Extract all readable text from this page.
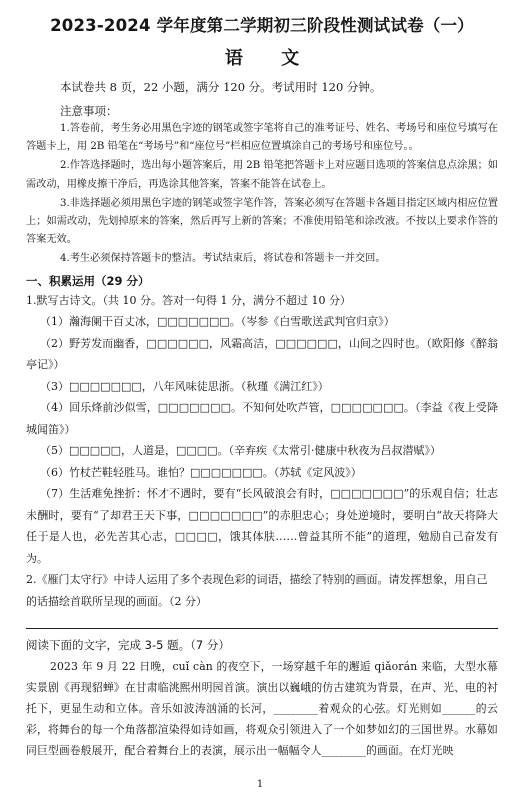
2023-2024 学年度第二学期初三阶段性测试试卷（一）
语 文
本试卷共 8 页，22 小题，满分 120 分。考试用时 120 分钟。
注意事项：

1.答卷前，考生务必用黑色字迹的钢笔或签字笔将自己的准考证号、姓名、考场号和座位号填写在答题卡上，用 2B 铅笔在“考场号”和“座位号”栏相应位置填涂自己的考场号和座位号。。

2.作答选择题时，选出每小题答案后，用 2B 铅笔把答题卡上对应题目选项的答案信息点涂黑；如需改动，用橡皮擦干净后，再选涂其他答案，答案不能答在试卷上。

3.非选择题必须用黑色字迹的钢笔或签字笔作答，答案必须写在答题卡各题目指定区域内相应位置上；如需改动，先划掉原来的答案，然后再写上新的答案；不准使用铅笔和涂改液。不按以上要求作答的答案无效。

4.考生必须保持答题卡的整洁。考试结束后，将试卷和答题卡一并交回。

一、积累运用（29 分）

1.默写古诗文。（共 10 分。答对一句得 1 分，满分不超过 10 分）

（1）瀚海阑干百丈冰，□□□□□□□。（岑参《白雪歌送武判官归京》）

（2）野芳发而幽香，□□□□□□，风霜高洁，□□□□□□，山间之四时也。（欧阳修《醉翁亭记》）

（3）□□□□□□□，八年风味徒思浙。（秋瑾《满江红》）

（4）回乐烽前沙似雪，□□□□□□□。不知何处吹芦管，□□□□□□□。（李益《夜上受降城闻笛》）

（5）□□□□□，人道是，□□□□。（辛弃疾《太常引·健康中秋夜为吕叔潜赋》）

（6）竹杖芒鞋轻胜马。谁怕？□□□□□□□。（苏轼《定风波》）

（7）生活难免挫折：怀才不遇时，要有“长风破浪会有时，□□□□□□□”的乐观自信；壮志未酬时，要有“了却君王天下事，□□□□□□□”的赤胆忠心；身处逆境时，要明白“故天将降大任于是人也，必先苦其心志，□□□□，饿其体肤……曾益其所不能”的道理，勉励自己奋发有为。

2.《雁门太守行》中诗人运用了多个表现色彩的词语，描绘了特别的画面。请发挥想象，用自己的话描绘首联所呈现的画面。（2 分）

阅读下面的文字，完成 3-5 题。（7 分）

2023 年 9 月 22 日晚，cuǐ càn 的夜空下，一场穿越千年的邂逅 qiǎorán 来临，大型水幕实景剧《再现貂蝉》在甘肃临洮熙州明园首演。演出以巍峨的仿古建筑为背景，在声、光、电的衬托下，更显生动和立体。音乐如波涛汹涌的长河，________着观众的心弦。灯光则如______的云彩，将舞台的每一个角落都渲染得如诗如画，将观众引领进入了一个如梦如幻的三国世界。水幕如同巨型画卷般展开，配合着舞台上的表演，展示出一幅幅令人________的画面。在灯光映

1
